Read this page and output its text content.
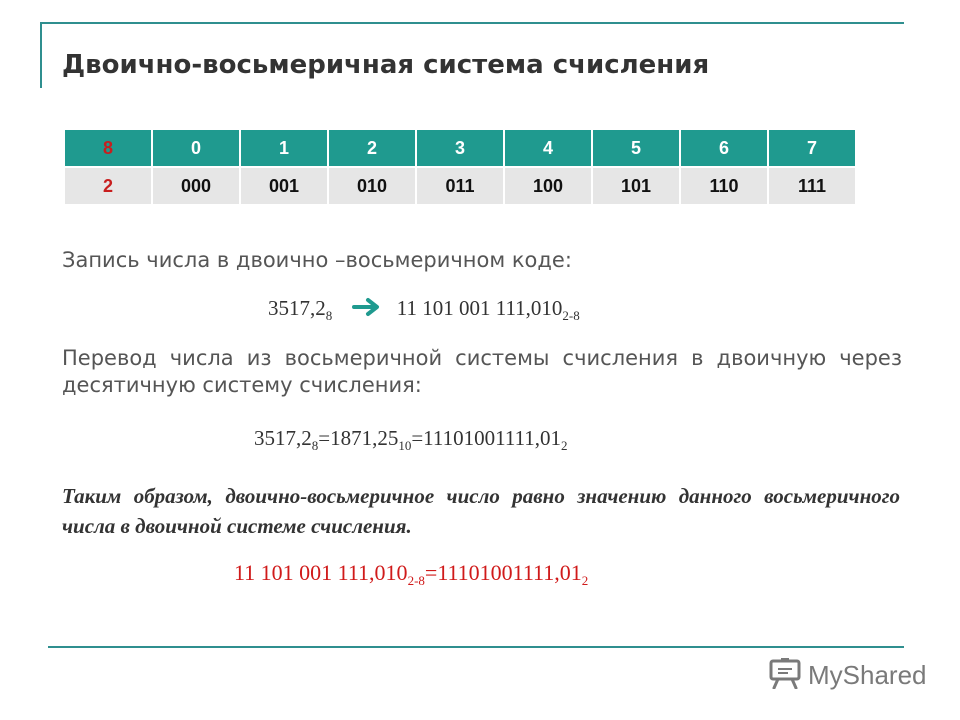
Двоично-восьмеричная система счисления
8	0	1	2	3	4	5	6	7
2	000	001	010	011	100	101	110	111
Запись числа в двоично –восьмеричном коде:
$3517,2_8$	11 101 001 $111,010_{2-8}$
Перевод числа из восьмеричной системы счисления в двоичную через десятичную систему счисления:
$3517,2_8=1871,25_{10}=11101001111,01_2$
Таким образом, двоично-восьмеричное число равно значению данного восьмеричного числа в двоичной системе счисления.
11 101 001 $111,010_{2-8}=11101001111,01_2$
MyShared
